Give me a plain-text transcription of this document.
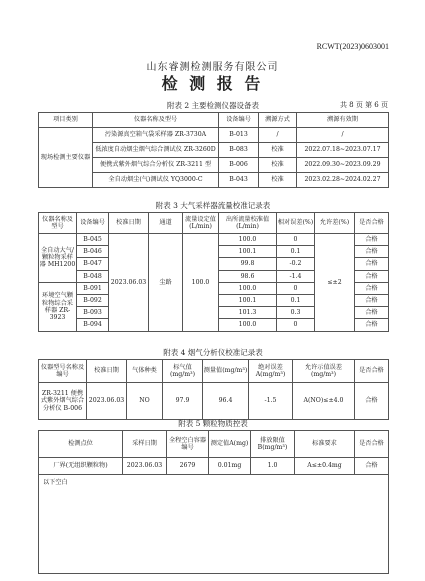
RCWT(2023)0603001
山东睿测检测服务有限公司
检 测 报 告
附表 2 主要检测仪器设备表	共 8 页 第 6 页
项目类别	仪器名称及型号	设备编号	溯源方式	溯源有效期
现场检测主要仪器	污染源真空箱气袋采样器 ZR-3730A	B-013	/	/
	低浓度自动烟尘烟气综合测试仪 ZR-3260D	B-083	校准	2022.07.18~2023.07.17
	便携式紫外烟气综合分析仪 ZR-3211 型	B-006	校准	2022.09.30~2023.09.29
	全自动烟尘(气)测试仪 YQ3000-C	B-043	校准	2023.02.28~2024.02.27
附表 3 大气采样器流量校准记录表
仪器名称及型号	设备编号	校准日期	通道	流量设定值(L/min)	出所流量校准值(L/min)	相对误差(%)	允许差(%)	是否合格
全自动大气/颗粒物采样器 MH1200	B-045	2023.06.03	尘路	100.0	100.0	0	≤±2	合格
	B-046				100.1	0.1		合格
	B-047				99.8	-0.2		合格
	B-048				98.6	-1.4		合格
环境空气颗粒物综合采样器 ZR-3923	B-091				100.0	0		合格
	B-092				100.1	0.1		合格
	B-093				101.3	0.3		合格
	B-094				100.0	0		合格
附表 4 烟气分析仪校准记录表
仪器型号名称及编号	校准日期	气体种类	标气值(mg/m³)	测量值(mg/m³)	绝对误差A(mg/m³)	允许示值误差(mg/m³)	是否合格
ZR-3211 便携式紫外烟气综合分析仪 B-006	2023.06.03	NO	97.9	96.4	-1.5	A(NO)≤±4.0	合格
附表 5 颗粒物质控表
检测点位	采样日期	全程空白容器编号	测定值A(mg)	排放限值B(mg/m³)	标准要求	是否合格
厂界(无组织颗粒物)	2023.06.03	2679	0.01mg	1.0	A≤±0.4mg	合格
以下空白						
